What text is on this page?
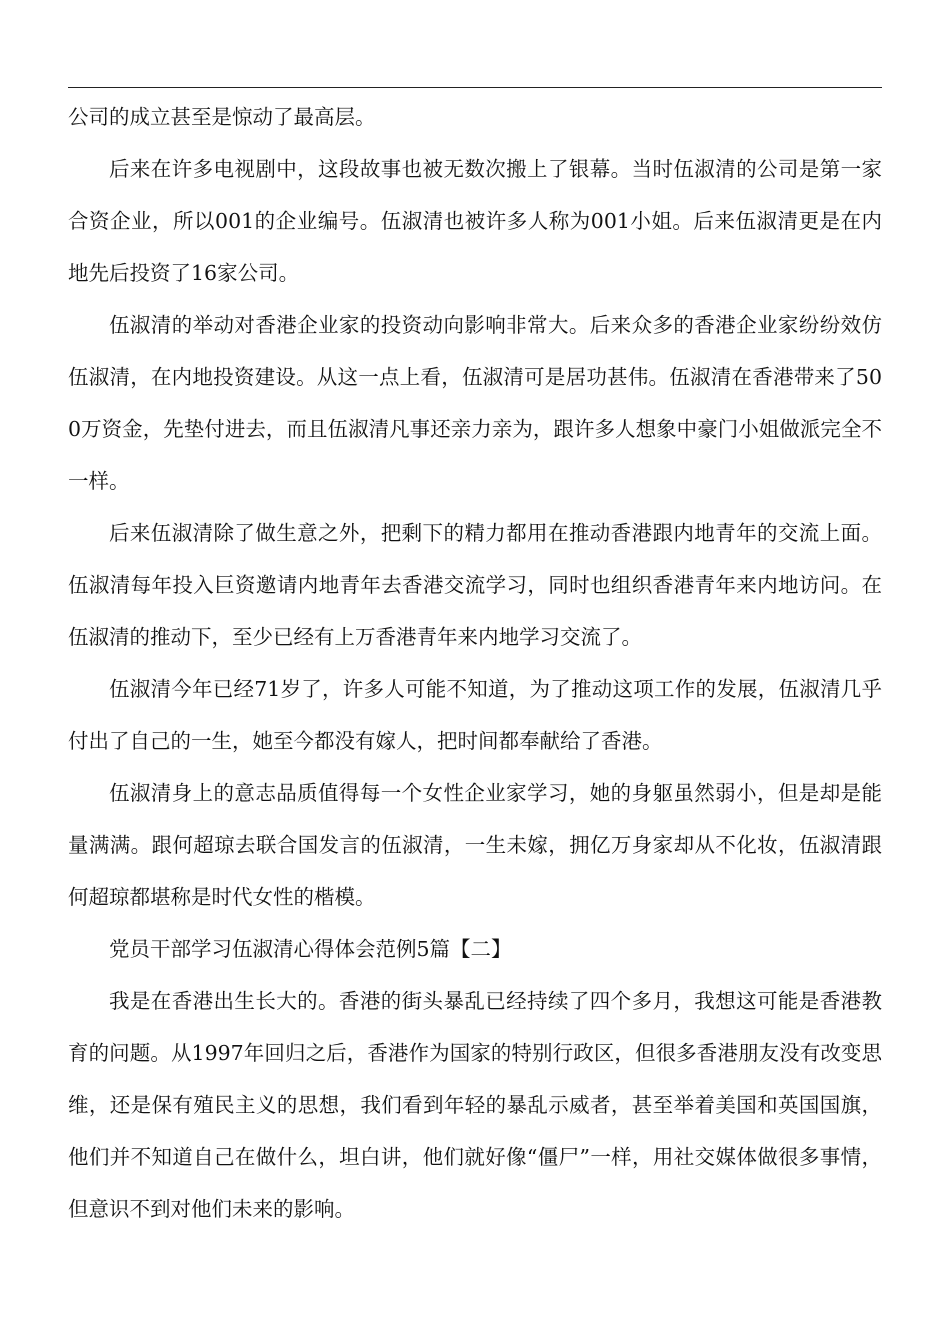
公司的成立甚至是惊动了最高层。

后来在许多电视剧中，这段故事也被无数次搬上了银幕。当时伍淑清的公司是第一家合资企业，所以001的企业编号。伍淑清也被许多人称为001小姐。后来伍淑清更是在内地先后投资了16家公司。

伍淑清的举动对香港企业家的投资动向影响非常大。后来众多的香港企业家纷纷效仿伍淑清，在内地投资建设。从这一点上看，伍淑清可是居功甚伟。伍淑清在香港带来了500万资金，先垫付进去，而且伍淑清凡事还亲力亲为，跟许多人想象中豪门小姐做派完全不一样。

后来伍淑清除了做生意之外，把剩下的精力都用在推动香港跟内地青年的交流上面。伍淑清每年投入巨资邀请内地青年去香港交流学习，同时也组织香港青年来内地访问。在伍淑清的推动下，至少已经有上万香港青年来内地学习交流了。

伍淑清今年已经71岁了，许多人可能不知道，为了推动这项工作的发展，伍淑清几乎付出了自己的一生，她至今都没有嫁人，把时间都奉献给了香港。

伍淑清身上的意志品质值得每一个女性企业家学习，她的身躯虽然弱小，但是却是能量满满。跟何超琼去联合国发言的伍淑清，一生未嫁，拥亿万身家却从不化妆，伍淑清跟何超琼都堪称是时代女性的楷模。

党员干部学习伍淑清心得体会范例5篇【二】

我是在香港出生长大的。香港的街头暴乱已经持续了四个多月，我想这可能是香港教育的问题。从1997年回归之后，香港作为国家的特别行政区，但很多香港朋友没有改变思维，还是保有殖民主义的思想，我们看到年轻的暴乱示威者，甚至举着美国和英国国旗，他们并不知道自己在做什么，坦白讲，他们就好像“僵尸”一样，用社交媒体做很多事情，但意识不到对他们未来的影响。
